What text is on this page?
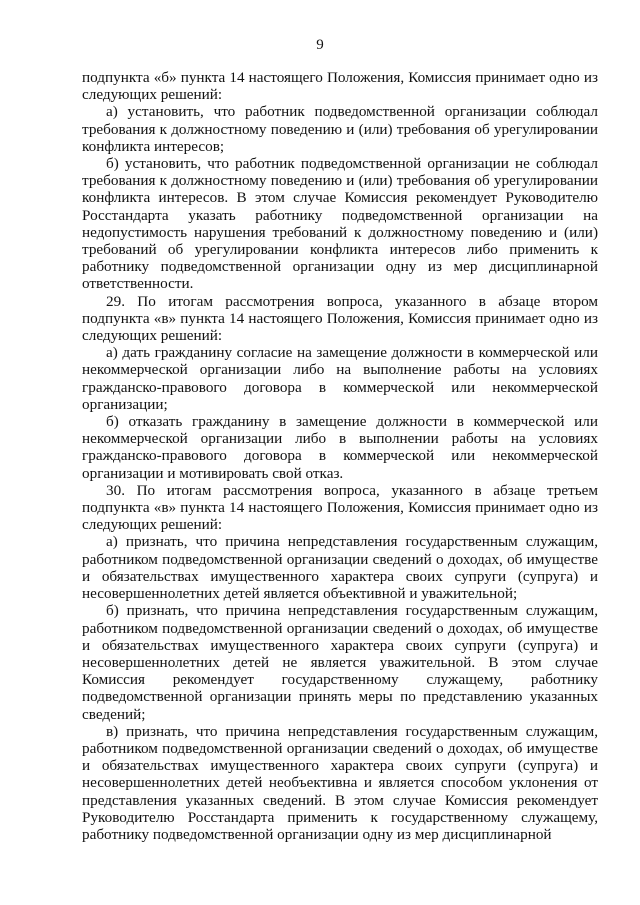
9

подпункта «б» пункта 14 настоящего Положения, Комиссия принимает одно из следующих решений:

а) установить, что работник подведомственной организации соблюдал требования к должностному поведению и (или) требования об урегулировании конфликта интересов;

б) установить, что работник подведомственной организации не соблюдал требования к должностному поведению и (или) требования об урегулировании конфликта интересов. В этом случае Комиссия рекомендует Руководителю Росстандарта указать работнику подведомственной организации на недопустимость нарушения требований к должностному поведению и (или) требований об урегулировании конфликта интересов либо применить к работнику подведомственной организации одну из мер дисциплинарной ответственности.

29. По итогам рассмотрения вопроса, указанного в абзаце втором подпункта «в» пункта 14 настоящего Положения, Комиссия принимает одно из следующих решений:

а) дать гражданину согласие на замещение должности в коммерческой или некоммерческой организации либо на выполнение работы на условиях гражданско-правового договора в коммерческой или некоммерческой организации;

б) отказать гражданину в замещение должности в коммерческой или некоммерческой организации либо в выполнении работы на условиях гражданско-правового договора в коммерческой или некоммерческой организации и мотивировать свой отказ.

30. По итогам рассмотрения вопроса, указанного в абзаце третьем подпункта «в» пункта 14 настоящего Положения, Комиссия принимает одно из следующих решений:

а) признать, что причина непредставления государственным служащим, работником подведомственной организации сведений о доходах, об имуществе и обязательствах имущественного характера своих супруги (супруга) и несовершеннолетних детей является объективной и уважительной;

б) признать, что причина непредставления государственным служащим, работником подведомственной организации сведений о доходах, об имуществе и обязательствах имущественного характера своих супруги (супруга) и несовершеннолетних детей не является уважительной. В этом случае Комиссия рекомендует государственному служащему, работнику подведомственной организации принять меры по представлению указанных сведений;

в) признать, что причина непредставления государственным служащим, работником подведомственной организации сведений о доходах, об имуществе и обязательствах имущественного характера своих супруги (супруга) и несовершеннолетних детей необъективна и является способом уклонения от представления указанных сведений. В этом случае Комиссия рекомендует Руководителю Росстандарта применить к государственному служащему, работнику подведомственной организации одну из мер дисциплинарной
